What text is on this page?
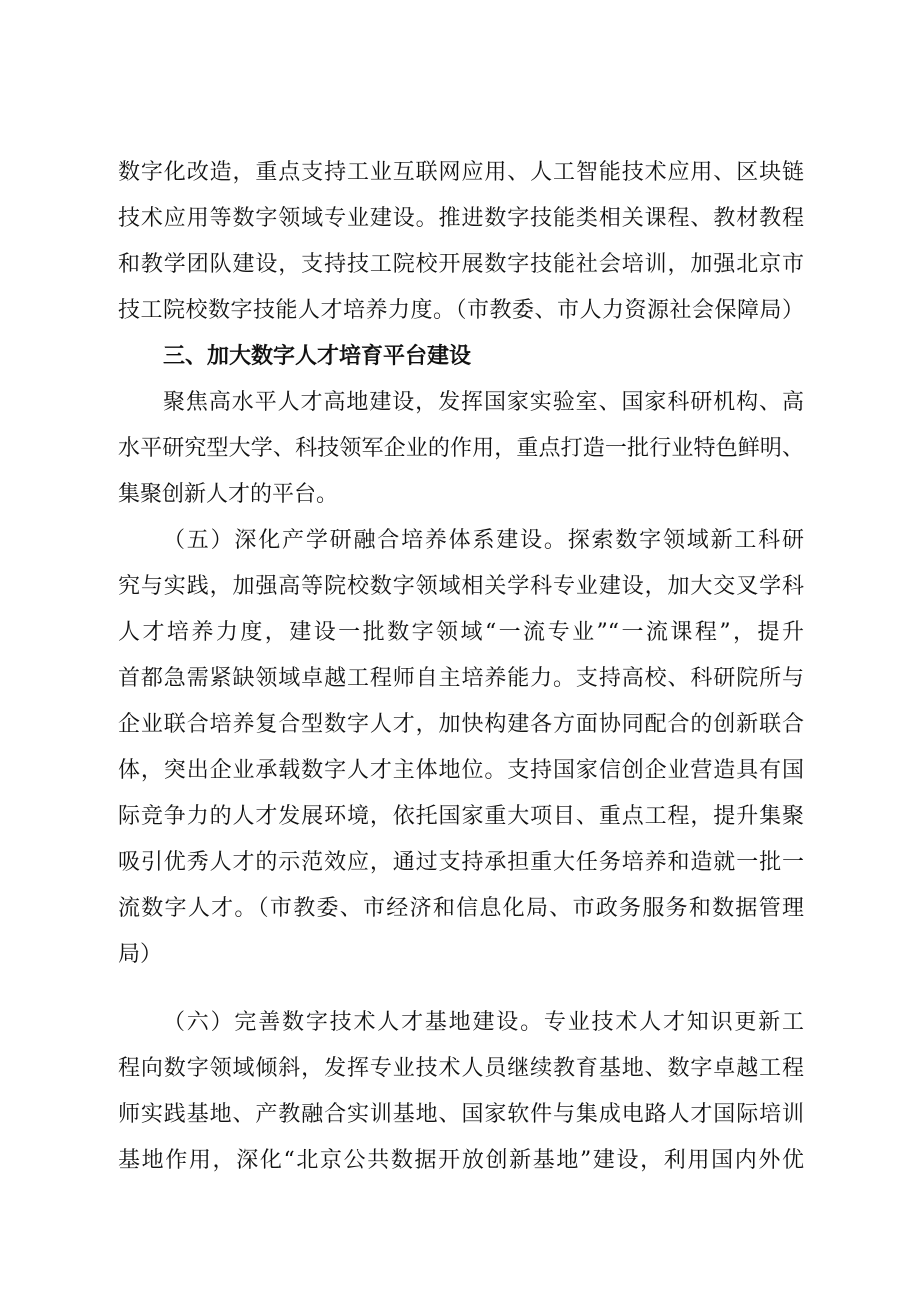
数字化改造，重点支持工业互联网应用、人工智能技术应用、区块链
技术应用等数字领域专业建设。推进数字技能类相关课程、教材教程
和教学团队建设，支持技工院校开展数字技能社会培训，加强北京市
技工院校数字技能人才培养力度。（市教委、市人力资源社会保障局）
三、加大数字人才培育平台建设
聚焦高水平人才高地建设，发挥国家实验室、国家科研机构、高
水平研究型大学、科技领军企业的作用，重点打造一批行业特色鲜明、
集聚创新人才的平台。
（五）深化产学研融合培养体系建设。探索数字领域新工科研
究与实践，加强高等院校数字领域相关学科专业建设，加大交叉学科
人才培养力度，建设一批数字领域“一流专业”“一流课程”，提升
首都急需紧缺领域卓越工程师自主培养能力。支持高校、科研院所与
企业联合培养复合型数字人才，加快构建各方面协同配合的创新联合
体，突出企业承载数字人才主体地位。支持国家信创企业营造具有国
际竞争力的人才发展环境，依托国家重大项目、重点工程，提升集聚
吸引优秀人才的示范效应，通过支持承担重大任务培养和造就一批一
流数字人才。（市教委、市经济和信息化局、市政务服务和数据管理
局）
（六）完善数字技术人才基地建设。专业技术人才知识更新工
程向数字领域倾斜，发挥专业技术人员继续教育基地、数字卓越工程
师实践基地、产教融合实训基地、国家软件与集成电路人才国际培训
基地作用，深化“北京公共数据开放创新基地”建设，利用国内外优
